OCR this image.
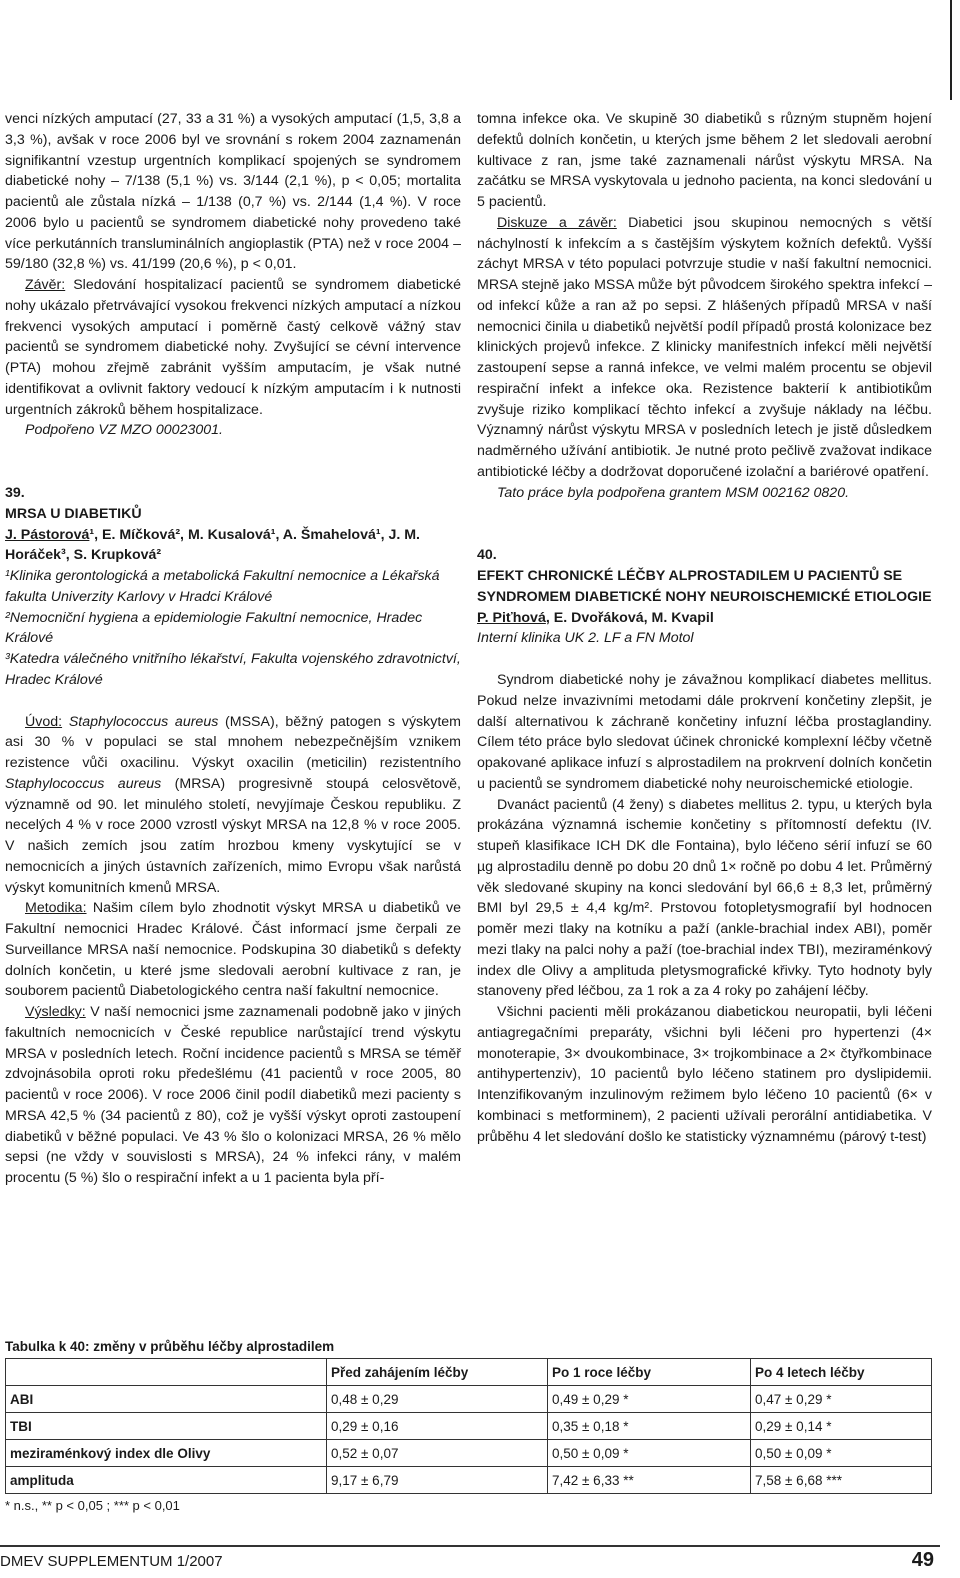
venci nízkých amputací (27, 33 a 31 %) a vysokých amputací (1,5, 3,8 a 3,3 %), avšak v roce 2006 byl ve srovnání s rokem 2004 zaznamenán signifikantní vzestup urgentních komplikací spojených se syndromem diabetické nohy – 7/138 (5,1 %) vs. 3/144 (2,1 %), p < 0,05; mortalita pacientů ale zůstala nízká – 1/138 (0,7 %) vs. 2/144 (1,4 %). V roce 2006 bylo u pacientů se syndromem diabetické nohy provedeno také více perkutánních transluminálních angioplastik (PTA) než v roce 2004 – 59/180 (32,8 %) vs. 41/199 (20,6 %), p < 0,01.

Závěr: Sledování hospitalizací pacientů se syndromem diabetické nohy ukázalo přetrvávající vysokou frekvenci nízkých amputací a nízkou frekvenci vysokých amputací i poměrně častý celkově vážný stav pacientů se syndromem diabetické nohy. Zvyšující se cévní intervence (PTA) mohou zřejmě zabránit vyšším amputacím, je však nutné identifikovat a ovlivnit faktory vedoucí k nízkým amputacím i k nutnosti urgentních zákroků během hospitalizace.

Podpořeno VZ MZO 00023001.

39.

MRSA U DIABETIKŮ

J. Pástorová¹, E. Míčková², M. Kusalová¹, A. Šmahelová¹, J. M. Horáček³, S. Krupková²

¹Klinika gerontologická a metabolická Fakultní nemocnice a Lékařská fakulta Univerzity Karlovy v Hradci Králové

²Nemocniční hygiena a epidemiologie Fakultní nemocnice, Hradec Králové

³Katedra válečného vnitřního lékařství, Fakulta vojenského zdravotnictví, Hradec Králové

Úvod: Staphylococcus aureus (MSSA), běžný patogen s výskytem asi 30 % v populaci se stal mnohem nebezpečnějším vznikem rezistence vůči oxacilinu. Výskyt oxacilin (meticilin) rezistentního Staphylococcus aureus (MRSA) progresivně stoupá celosvětově, významně od 90. let minulého století, nevyjímaje Českou republiku. Z necelých 4 % v roce 2000 vzrostl výskyt MRSA na 12,8 % v roce 2005. V našich zemích jsou zatím hrozbou kmeny vyskytující se v nemocnicích a jiných ústavních zařízeních, mimo Evropu však narůstá výskyt komunitních kmenů MRSA.

Metodika: Našim cílem bylo zhodnotit výskyt MRSA u diabetiků ve Fakultní nemocnici Hradec Králové. Část informací jsme čerpali ze Surveillance MRSA naší nemocnice. Podskupina 30 diabetiků s defekty dolních končetin, u které jsme sledovali aerobní kultivace z ran, je souborem pacientů Diabetologického centra naší fakultní nemocnice.

Výsledky: V naší nemocnici jsme zaznamenali podobně jako v jiných fakultních nemocnicích v České republice narůstající trend výskytu MRSA v posledních letech. Roční incidence pacientů s MRSA se téměř zdvojnásobila oproti roku předešlému (41 pacientů v roce 2005, 80 pacientů v roce 2006). V roce 2006 činil podíl diabetiků mezi pacienty s MRSA 42,5 % (34 pacientů z 80), což je vyšší výskyt oproti zastoupení diabetiků v běžné populaci. Ve 43 % šlo o kolonizaci MRSA, 26 % mělo sepsi (ne vždy v souvislosti s MRSA), 24 % infekci rány, v malém procentu (5 %) šlo o respirační infekt a u 1 pacienta byla pří-

tomna infekce oka. Ve skupině 30 diabetiků s různým stupněm hojení defektů dolních končetin, u kterých jsme během 2 let sledovali aerobní kultivace z ran, jsme také zaznamenali nárůst výskytu MRSA. Na začátku se MRSA vyskytovala u jednoho pacienta, na konci sledování u 5 pacientů.

Diskuze a závěr: Diabetici jsou skupinou nemocných s větší náchylností k infekcím a s častějším výskytem kožních defektů. Vyšší záchyt MRSA v této populaci potvrzuje studie v naší fakultní nemocnici. MRSA stejně jako MSSA může být původcem širokého spektra infekcí – od infekcí kůže a ran až po sepsi. Z hlášených případů MRSA v naší nemocnici činila u diabetiků největší podíl případů prostá kolonizace bez klinických projevů infekce. Z klinicky manifestních infekcí měli největší zastoupení sepse a ranná infekce, ve velmi malém procentu se objevil respirační infekt a infekce oka. Rezistence bakterií k antibiotikům zvyšuje riziko komplikací těchto infekcí a zvyšuje náklady na léčbu. Významný nárůst výskytu MRSA v posledních letech je jistě důsledkem nadměrného užívání antibiotik. Je nutné proto pečlivě zvažovat indikace antibiotické léčby a dodržovat doporučené izolační a bariérové opatření.

Tato práce byla podpořena grantem MSM 002162 0820.

40.

EFEKT CHRONICKÉ LÉČBY ALPROSTADILEM U PACIENTŮ SE SYNDROMEM DIABETICKÉ NOHY NEUROISCHEMICKÉ ETIOLOGIE

P. Piťhová, E. Dvořáková, M. Kvapil

Interní klinika UK 2. LF a FN Motol

Syndrom diabetické nohy je závažnou komplikací diabetes mellitus. Pokud nelze invazivními metodami dále prokrvení končetiny zlepšit, je další alternativou k záchraně končetiny infuzní léčba prostaglandiny. Cílem této práce bylo sledovat účinek chronické komplexní léčby včetně opakované aplikace infuzí s alprostadilem na prokrvení dolních končetin u pacientů se syndromem diabetické nohy neuroischemické etiologie.

Dvanáct pacientů (4 ženy) s diabetes mellitus 2. typu, u kterých byla prokázána významná ischemie končetiny s přítomností defektu (IV. stupeň klasifikace ICH DK dle Fontaina), bylo léčeno sérií infuzí se 60 µg alprostadilu denně po dobu 20 dnů 1× ročně po dobu 4 let. Průměrný věk sledované skupiny na konci sledování byl 66,6 ± 8,3 let, průměrný BMI byl 29,5 ± 4,4 kg/m². Prstovou fotopletysmografií byl hodnocen poměr mezi tlaky na kotníku a paží (ankle-brachial index ABI), poměr mezi tlaky na palci nohy a paží (toe-brachial index TBI), meziraménkový index dle Olivy a amplituda pletysmografické křivky. Tyto hodnoty byly stanoveny před léčbou, za 1 rok a za 4 roky po zahájení léčby.

Všichni pacienti měli prokázanou diabetickou neuropatii, byli léčeni antiagregačními preparáty, všichni byli léčeni pro hypertenzi (4× monoterapie, 3× dvoukombinace, 3× trojkombinace a 2× čtyřkombinace antihypertenziv), 10 pacientů bylo léčeno statinem pro dyslipidemii. Intenzifikovaným inzulinovým režimem bylo léčeno 10 pacientů (6× v kombinaci s metforminem), 2 pacienti užívali perorální antidiabetika. V průběhu 4 let sledování došlo ke statisticky významnému (párový t-test)

Tabulka k 40: změny v průběhu léčby alprostadilem

	Před zahájením léčby	Po 1 roce léčby	Po 4 letech léčby
ABI	0,48 ± 0,29	0,49 ± 0,29 *	0,47 ± 0,29 *
TBI	0,29 ± 0,16	0,35 ± 0,18 *	0,29 ± 0,14 *
meziraménkový index dle Olivy	0,52 ± 0,07	0,50 ± 0,09 *	0,50 ± 0,09 *
amplituda	9,17 ± 6,79	7,42 ± 6,33 **	7,58 ± 6,68 ***
* n.s., ** p < 0,05 ; *** p < 0,01
DMEV SUPPLEMENTUM 1/2007	49
